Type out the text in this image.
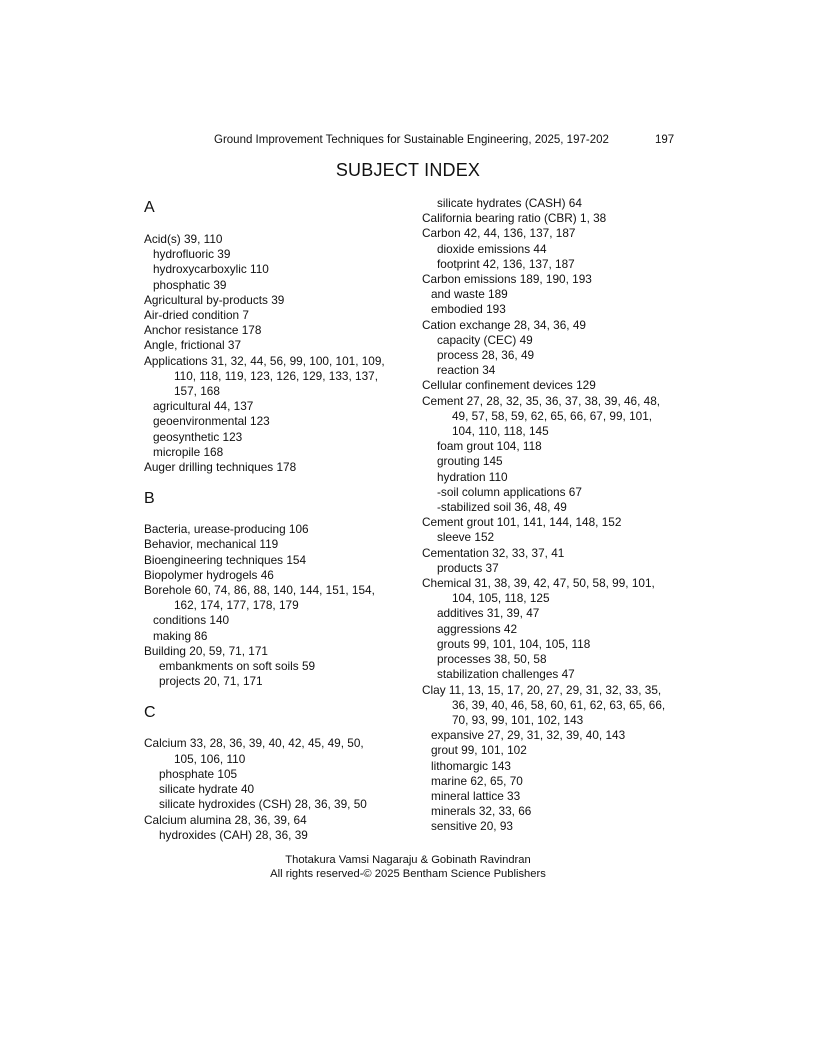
Ground Improvement Techniques for Sustainable Engineering, 2025, 197-202	197
SUBJECT INDEX
A
Acid(s) 39, 110
hydrofluoric 39
hydroxycarboxylic 110
phosphatic 39
Agricultural by-products 39
Air-dried condition 7
Anchor resistance 178
Angle, frictional 37
Applications 31, 32, 44, 56, 99, 100, 101, 109,
110, 118, 119, 123, 126, 129, 133, 137,
157, 168
agricultural 44, 137
geoenvironmental 123
geosynthetic 123
micropile 168
Auger drilling techniques 178
B
Bacteria, urease-producing 106
Behavior, mechanical 119
Bioengineering techniques 154
Biopolymer hydrogels 46
Borehole 60, 74, 86, 88, 140, 144, 151, 154,
162, 174, 177, 178, 179
conditions 140
making 86
Building 20, 59, 71, 171
embankments on soft soils 59
projects 20, 71, 171
C
Calcium 33, 28, 36, 39, 40, 42, 45, 49, 50,
105, 106, 110
phosphate 105
silicate hydrate 40
silicate hydroxides (CSH) 28, 36, 39, 50
Calcium alumina 28, 36, 39, 64
hydroxides (CAH) 28, 36, 39
silicate hydrates (CASH) 64
California bearing ratio (CBR) 1, 38
Carbon 42, 44, 136, 137, 187
dioxide emissions 44
footprint 42, 136, 137, 187
Carbon emissions 189, 190, 193
and waste 189
embodied 193
Cation exchange 28, 34, 36, 49
capacity (CEC) 49
process 28, 36, 49
reaction 34
Cellular confinement devices 129
Cement 27, 28, 32, 35, 36, 37, 38, 39, 46, 48,
49, 57, 58, 59, 62, 65, 66, 67, 99, 101,
104, 110, 118, 145
foam grout 104, 118
grouting 145
hydration 110
-soil column applications 67
-stabilized soil 36, 48, 49
Cement grout 101, 141, 144, 148, 152
sleeve 152
Cementation 32, 33, 37, 41
products 37
Chemical 31, 38, 39, 42, 47, 50, 58, 99, 101,
104, 105, 118, 125
additives 31, 39, 47
aggressions 42
grouts 99, 101, 104, 105, 118
processes 38, 50, 58
stabilization challenges 47
Clay 11, 13, 15, 17, 20, 27, 29, 31, 32, 33, 35,
36, 39, 40, 46, 58, 60, 61, 62, 63, 65, 66,
70, 93, 99, 101, 102, 143
expansive 27, 29, 31, 32, 39, 40, 143
grout 99, 101, 102
lithomargic 143
marine 62, 65, 70
mineral lattice 33
minerals 32, 33, 66
sensitive 20, 93
Thotakura Vamsi Nagaraju & Gobinath Ravindran
All rights reserved-© 2025 Bentham Science Publishers
